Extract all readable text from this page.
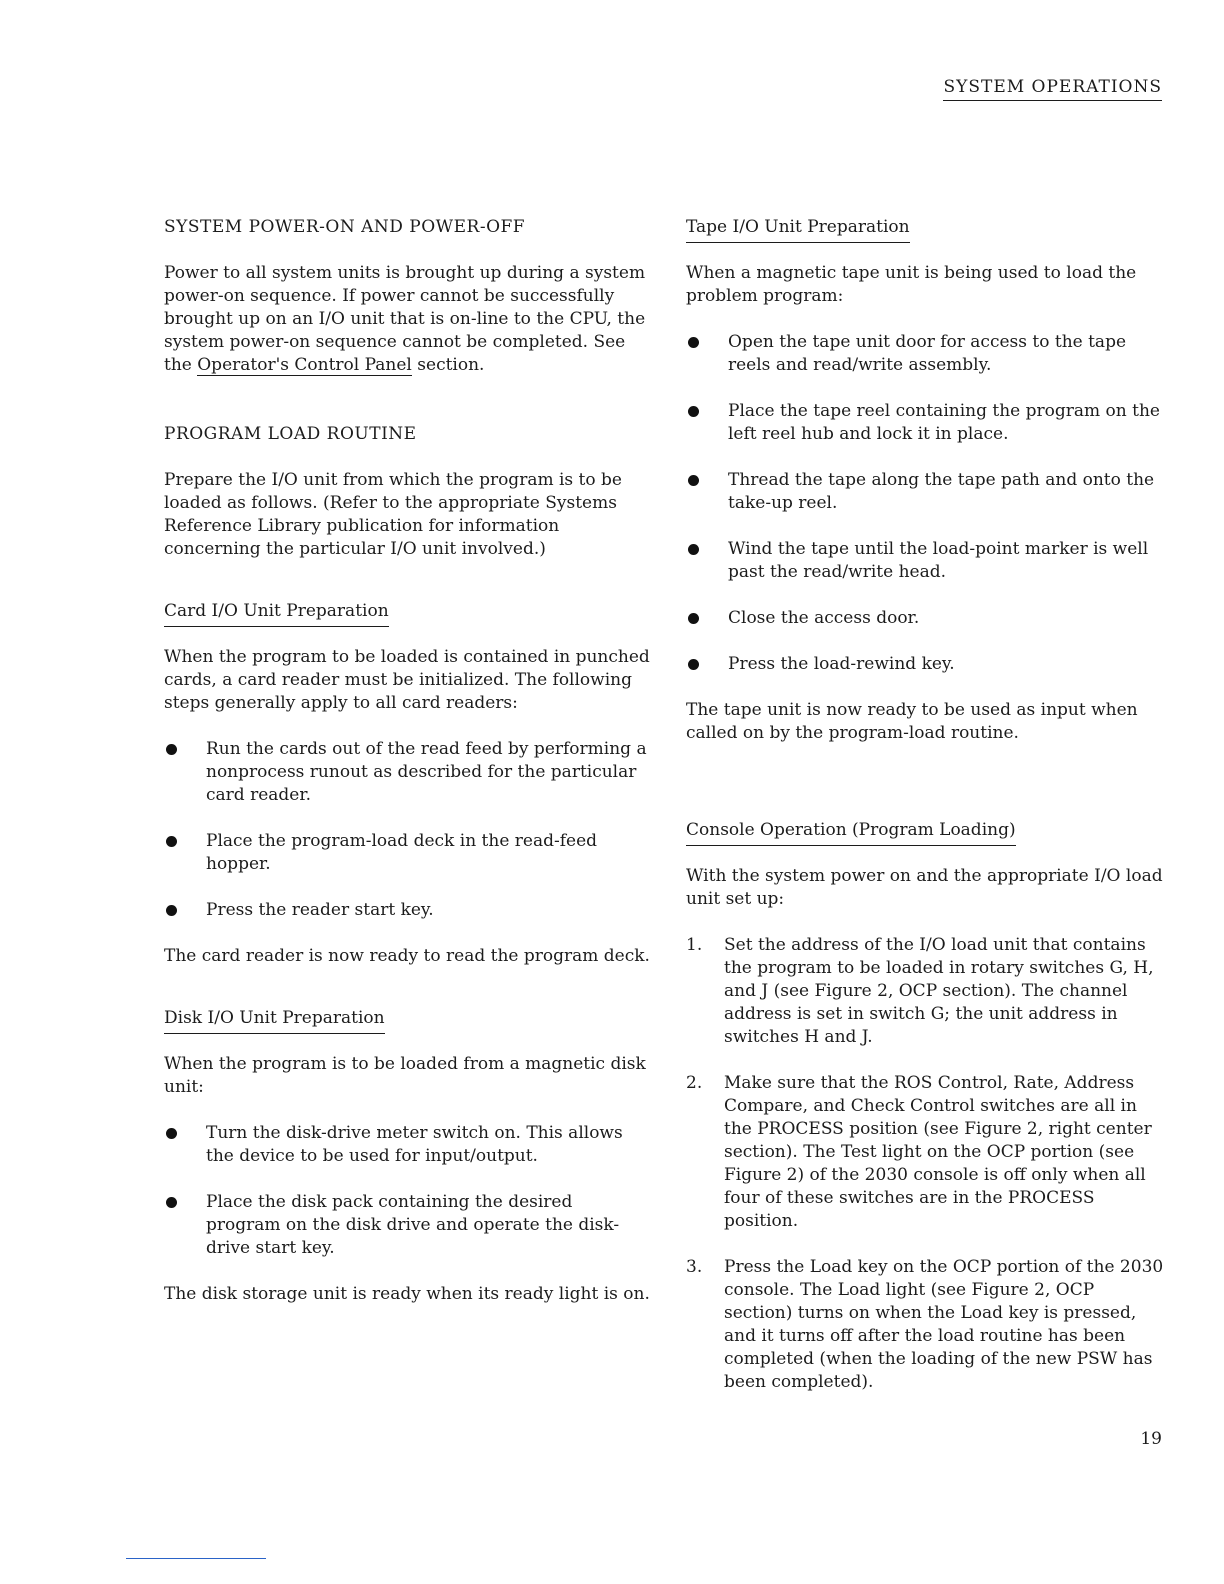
SYSTEM OPERATIONS
SYSTEM POWER-ON AND POWER-OFF

Power to all system units is brought up during a system power-on sequence. If power cannot be successfully brought up on an I/O unit that is on-line to the CPU, the system power-on sequence cannot be completed. See the Operator's Control Panel section.

PROGRAM LOAD ROUTINE

Prepare the I/O unit from which the program is to be loaded as follows. (Refer to the appropriate Systems Reference Library publication for information concerning the particular I/O unit involved.)

Card I/O Unit Preparation

When the program to be loaded is contained in punched cards, a card reader must be initialized. The following steps generally apply to all card readers:

Run the cards out of the read feed by performing a nonprocess runout as described for the particular card reader.
Place the program-load deck in the read-feed hopper.
Press the reader start key.

The card reader is now ready to read the program deck.

Disk I/O Unit Preparation

When the program is to be loaded from a magnetic disk unit:

Turn the disk-drive meter switch on. This allows the device to be used for input/output.
Place the disk pack containing the desired program on the disk drive and operate the disk-drive start key.

The disk storage unit is ready when its ready light is on.

Tape I/O Unit Preparation

When a magnetic tape unit is being used to load the problem program:

Open the tape unit door for access to the tape reels and read/write assembly.
Place the tape reel containing the program on the left reel hub and lock it in place.
Thread the tape along the tape path and onto the take-up reel.
Wind the tape until the load-point marker is well past the read/write head.
Close the access door.
Press the load-rewind key.

The tape unit is now ready to be used as input when called on by the program-load routine.

Console Operation (Program Loading)

With the system power on and the appropriate I/O load unit set up:

1. Set the address of the I/O load unit that contains the program to be loaded in rotary switches G, H, and J (see Figure 2, OCP section). The channel address is set in switch G; the unit address in switches H and J.
2. Make sure that the ROS Control, Rate, Address Compare, and Check Control switches are all in the PROCESS position (see Figure 2, right center section). The Test light on the OCP portion (see Figure 2) of the 2030 console is off only when all four of these switches are in the PROCESS position.
3. Press the Load key on the OCP portion of the 2030 console. The Load light (see Figure 2, OCP section) turns on when the Load key is pressed, and it turns off after the load routine has been completed (when the loading of the new PSW has been completed).
19
